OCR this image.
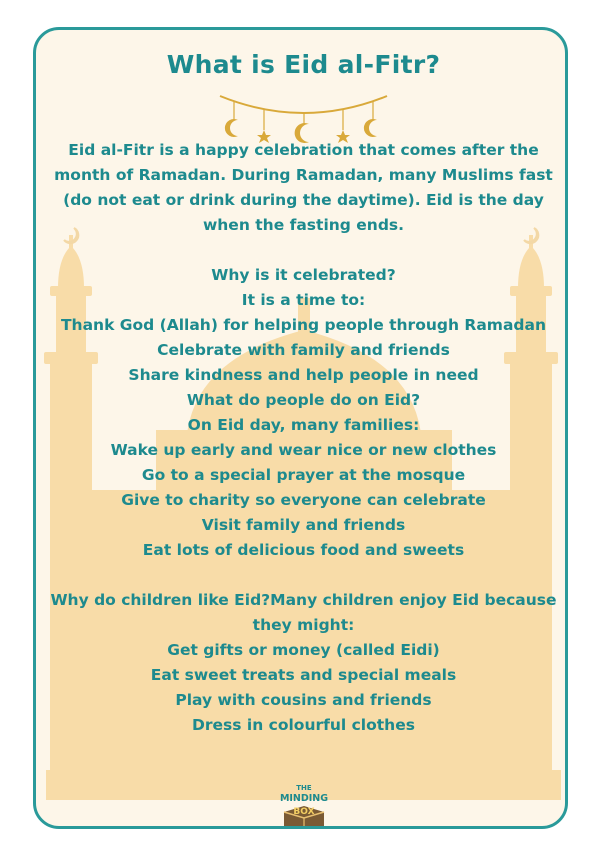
What is Eid al-Fitr?

Eid al-Fitr is a happy celebration that comes after the month of Ramadan. During Ramadan, many Muslims fast (do not eat or drink during the daytime). Eid is the day when the fasting ends.

Why is it celebrated?

It is a time to:

Thank God (Allah) for helping people through Ramadan

Celebrate with family and friends

Share kindness and help people in need

What do people do on Eid?

On Eid day, many families:

Wake up early and wear nice or new clothes

Go to a special prayer at the mosque

Give to charity so everyone can celebrate

Visit family and friends

Eat lots of delicious food and sweets

Why do children like Eid?Many children enjoy Eid because they might:

Get gifts or money (called Eidi)

Eat sweet treats and special meals

Play with cousins and friends

Dress in colourful clothes

THE
MINDING
BOX
